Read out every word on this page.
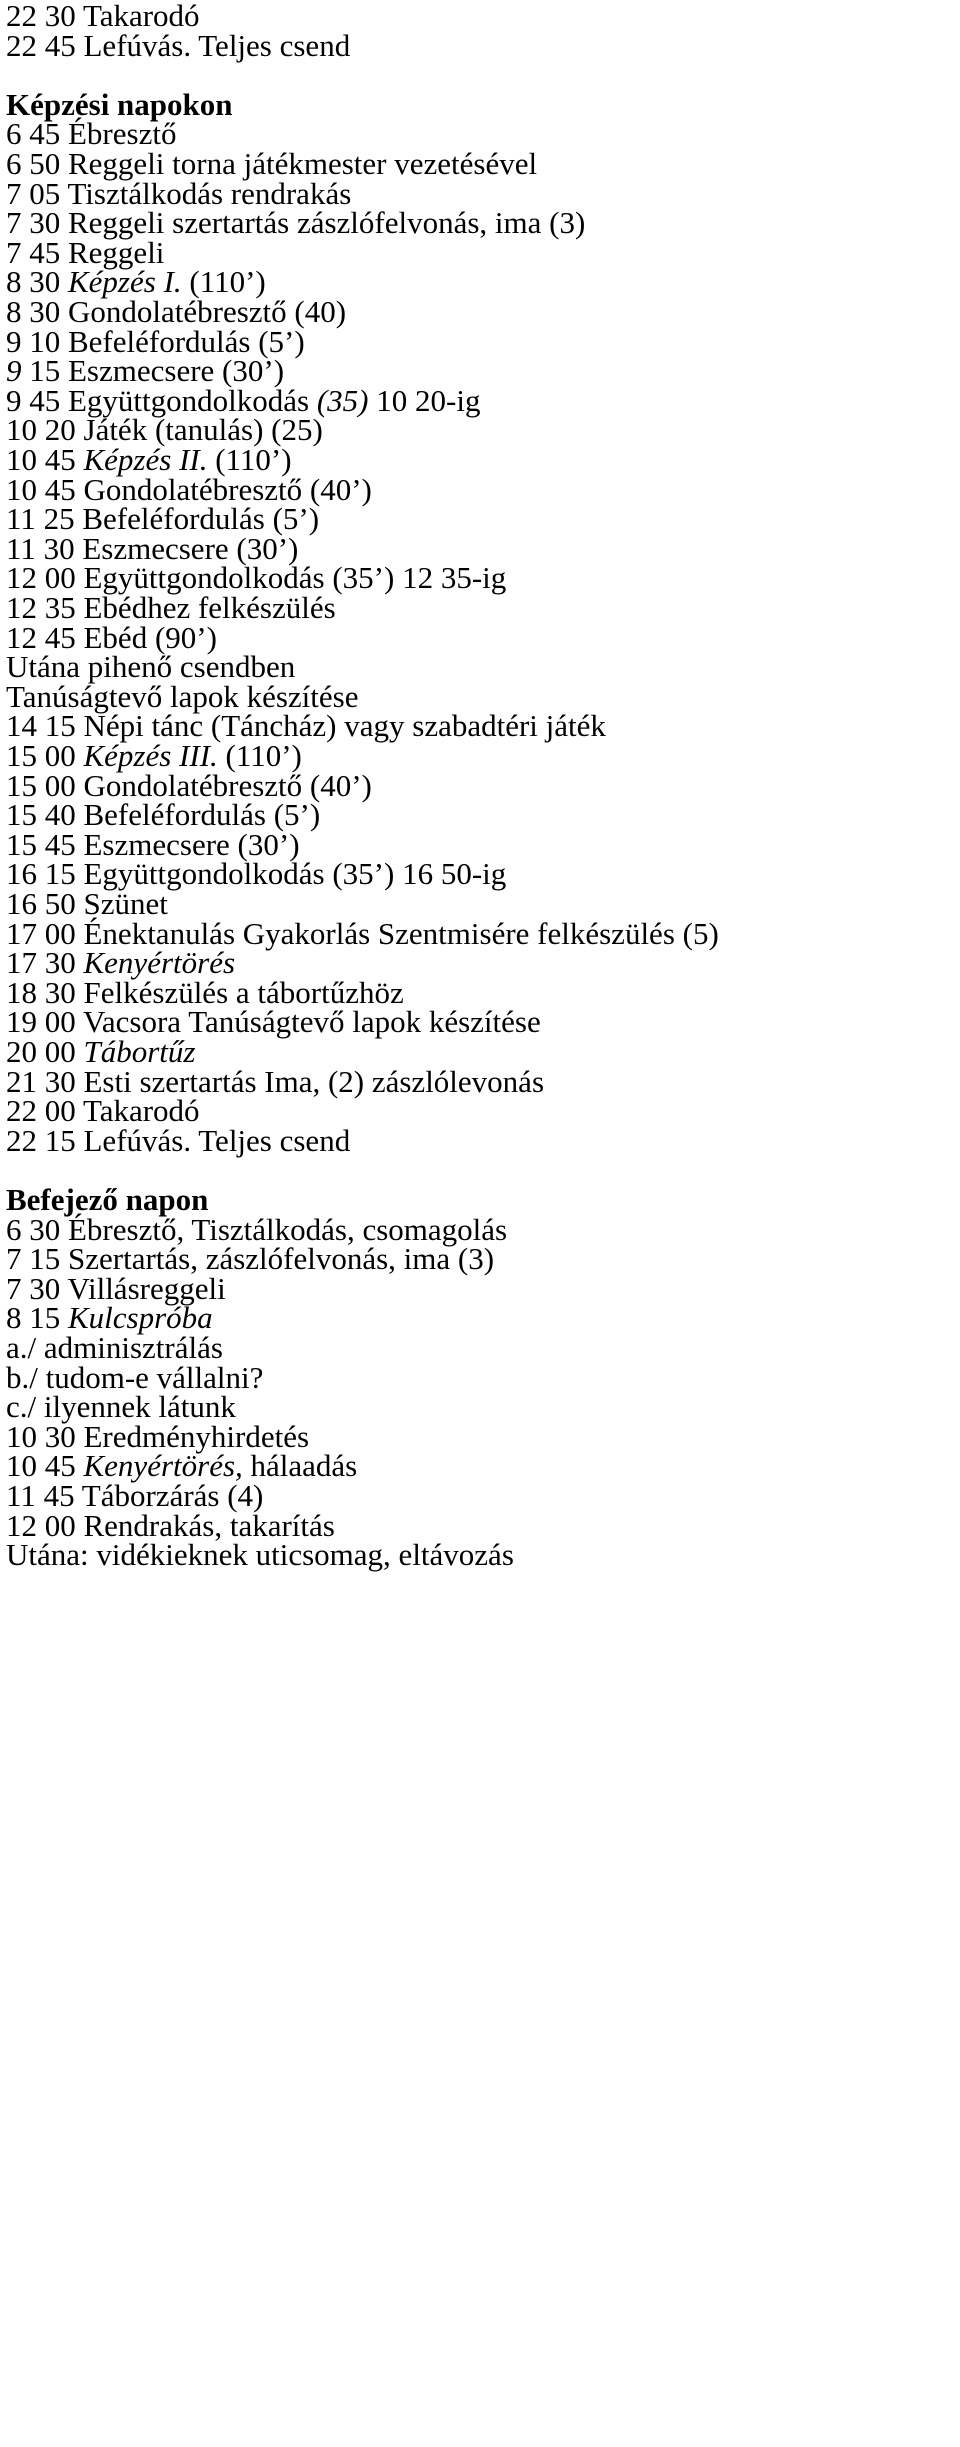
22 30 Takarodó
22 45 Lefúvás. Teljes csend
Képzési napokon
6 45 Ébresztő
6 50 Reggeli torna játékmester vezetésével
7 05 Tisztálkodás rendrakás
7 30 Reggeli szertartás zászlófelvonás, ima (3)
7 45 Reggeli
8 30 Képzés I. (110’)
8 30 Gondolatébresztő (40)
9 10 Befeléfordulás (5’)
9 15 Eszmecsere (30’)
9 45 Együttgondolkodás (35) 10 20-ig
10 20 Játék (tanulás) (25)
10 45 Képzés II. (110’)
10 45 Gondolatébresztő (40’)
11 25 Befeléfordulás (5’)
11 30 Eszmecsere (30’)
12 00 Együttgondolkodás (35’) 12 35-ig
12 35 Ebédhez felkészülés
12 45 Ebéd (90’)
Utána pihenő csendben
Tanúságtevő lapok készítése
14 15 Népi tánc (Táncház) vagy szabadtéri játék
15 00 Képzés III. (110’)
15 00 Gondolatébresztő (40’)
15 40 Befeléfordulás (5’)
15 45 Eszmecsere (30’)
16 15 Együttgondolkodás (35’) 16 50-ig
16 50 Szünet
17 00 Énektanulás Gyakorlás Szentmisére felkészülés (5)
17 30 Kenyértörés
18 30 Felkészülés a tábortűzhöz
19 00 Vacsora Tanúságtevő lapok készítése
20 00 Tábortűz
21 30 Esti szertartás Ima, (2) zászlólevonás
22 00 Takarodó
22 15 Lefúvás. Teljes csend
Befejező napon
6 30 Ébresztő, Tisztálkodás, csomagolás
7 15 Szertartás, zászlófelvonás, ima (3)
7 30 Villásreggeli
8 15 Kulcspróba
a./ adminisztrálás
b./ tudom-e vállalni?
c./ ilyennek látunk
10 30 Eredményhirdetés
10 45 Kenyértörés, hálaadás
11 45 Táborzárás (4)
12 00 Rendrakás, takarítás
Utána: vidékieknek uticsomag, eltávozás
